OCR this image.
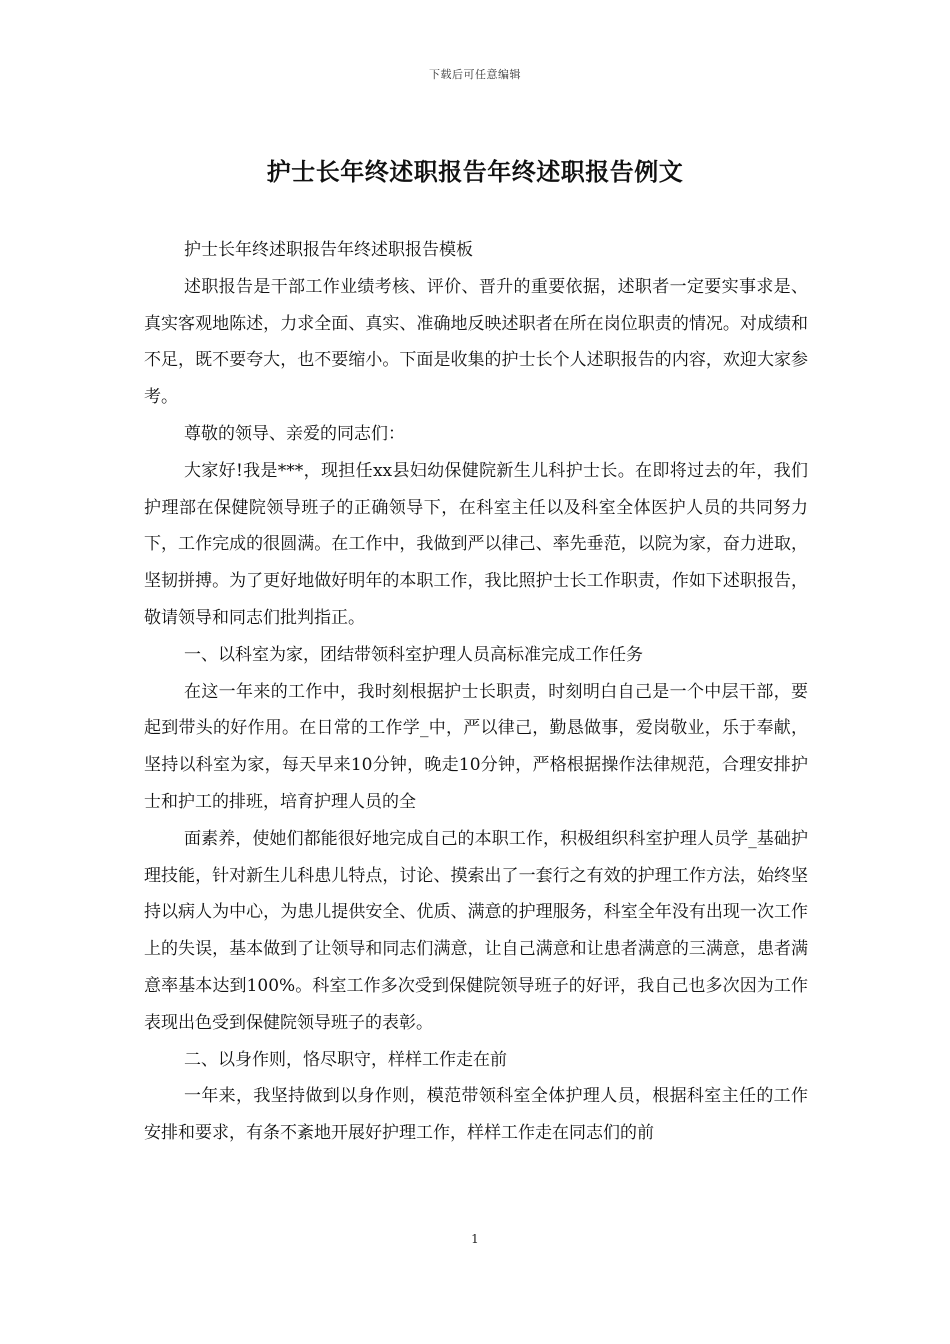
下载后可任意编辑
护士长年终述职报告年终述职报告例文

护士长年终述职报告年终述职报告模板

述职报告是干部工作业绩考核、评价、晋升的重要依据，述职者一定要实事求是、真实客观地陈述，力求全面、真实、准确地反映述职者在所在岗位职责的情况。对成绩和不足，既不要夸大，也不要缩小。下面是收集的护士长个人述职报告的内容，欢迎大家参考。

尊敬的领导、亲爱的同志们：

大家好!我是***，现担任xx县妇幼保健院新生儿科护士长。在即将过去的年，我们护理部在保健院领导班子的正确领导下，在科室主任以及科室全体医护人员的共同努力下，工作完成的很圆满。在工作中，我做到严以律己、率先垂范，以院为家，奋力进取，坚韧拼搏。为了更好地做好明年的本职工作，我比照护士长工作职责，作如下述职报告，敬请领导和同志们批判指正。

一、以科室为家，团结带领科室护理人员高标准完成工作任务

在这一年来的工作中，我时刻根据护士长职责，时刻明白自己是一个中层干部，要起到带头的好作用。在日常的工作学_中，严以律己，勤恳做事，爱岗敬业，乐于奉献，坚持以科室为家，每天早来10分钟，晚走10分钟，严格根据操作法律规范，合理安排护士和护工的排班，培育护理人员的全

面素养，使她们都能很好地完成自己的本职工作，积极组织科室护理人员学_基础护理技能，针对新生儿科患儿特点，讨论、摸索出了一套行之有效的护理工作方法，始终坚持以病人为中心，为患儿提供安全、优质、满意的护理服务，科室全年没有出现一次工作上的失误，基本做到了让领导和同志们满意，让自己满意和让患者满意的三满意，患者满意率基本达到100%。科室工作多次受到保健院领导班子的好评，我自己也多次因为工作表现出色受到保健院领导班子的表彰。

二、以身作则，恪尽职守，样样工作走在前

一年来，我坚持做到以身作则，模范带领科室全体护理人员，根据科室主任的工作安排和要求，有条不紊地开展好护理工作，样样工作走在同志们的前

1
